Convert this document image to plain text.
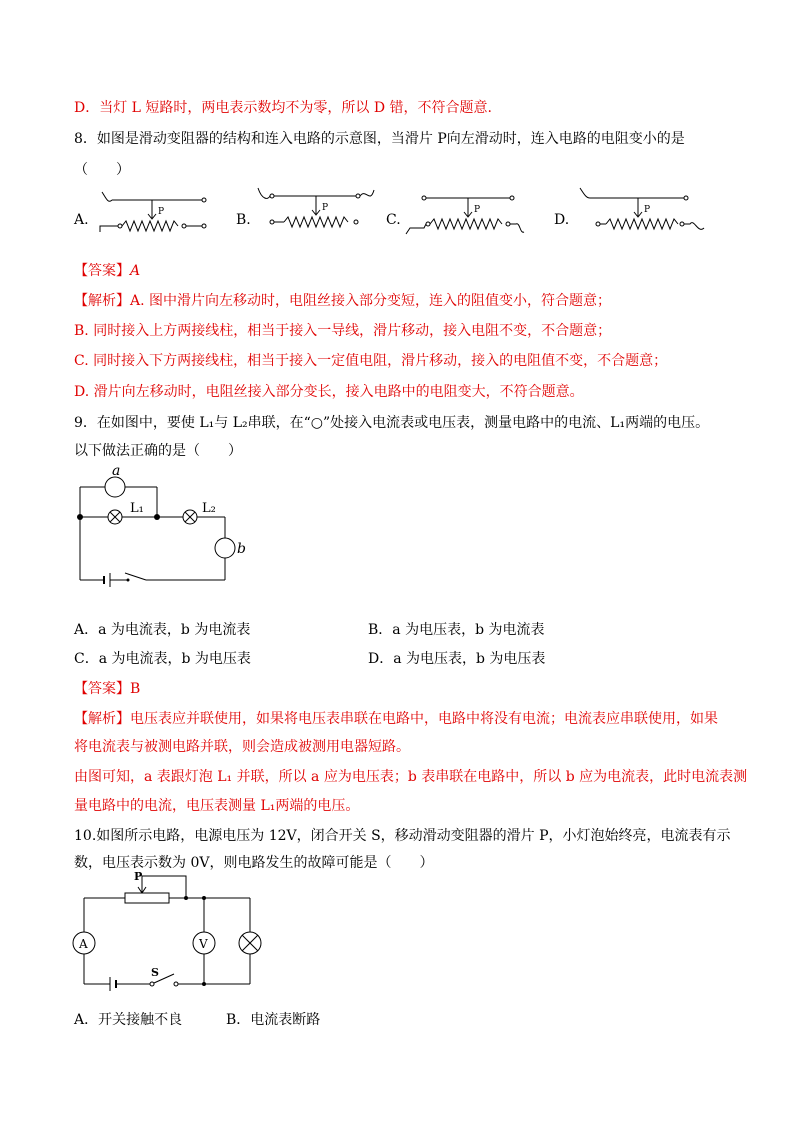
D．当灯 L 短路时，两电表示数均不为零，所以 D 错，不符合题意.
8．如图是滑动变阻器的结构和连入电路的示意图，当滑片 P向左滑动时，连入电路的电阻变小的是
（　　）
A.	P	B.
P
C.
P
D.
P
【答案】A
【解析】A. 图中滑片向左移动时，电阻丝接入部分变短，连入的阻值变小，符合题意；
B. 同时接入上方两接线柱，相当于接入一导线，滑片移动，接入电阻不变，不合题意；
C. 同时接入下方两接线柱，相当于接入一定值电阻，滑片移动，接入的电阻值不变，不合题意；
D. 滑片向左移动时，电阻丝接入部分变长，接入电路中的电阻变大，不符合题意。
9．在如图中，要使 L₁与 L₂串联，在“○”处接入电流表或电压表，测量电路中的电流、L₁两端的电压。
以下做法正确的是（　　）
a
L₁	L₂
b
A．a 为电流表，b 为电流表	B．a 为电压表，b 为电流表
C．a 为电流表，b 为电压表	D．a 为电压表，b 为电压表
【答案】B
【解析】电压表应并联使用，如果将电压表串联在电路中，电路中将没有电流；电流表应串联使用，如果
将电流表与被测电路并联，则会造成被测用电器短路。
由图可知，a 表跟灯泡 L₁ 并联，所以 a 应为电压表；b 表串联在电路中，所以 b 应为电流表，此时电流表测
量电路中的电流，电压表测量 L₁两端的电压。
10.如图所示电路，电源电压为 12V，闭合开关 S，移动滑动变阻器的滑片 P，小灯泡始终亮，电流表有示
数，电压表示数为 0V，则电路发生的故障可能是（　　）
P
A	V
S
A．开关接触不良	B．电流表断路
